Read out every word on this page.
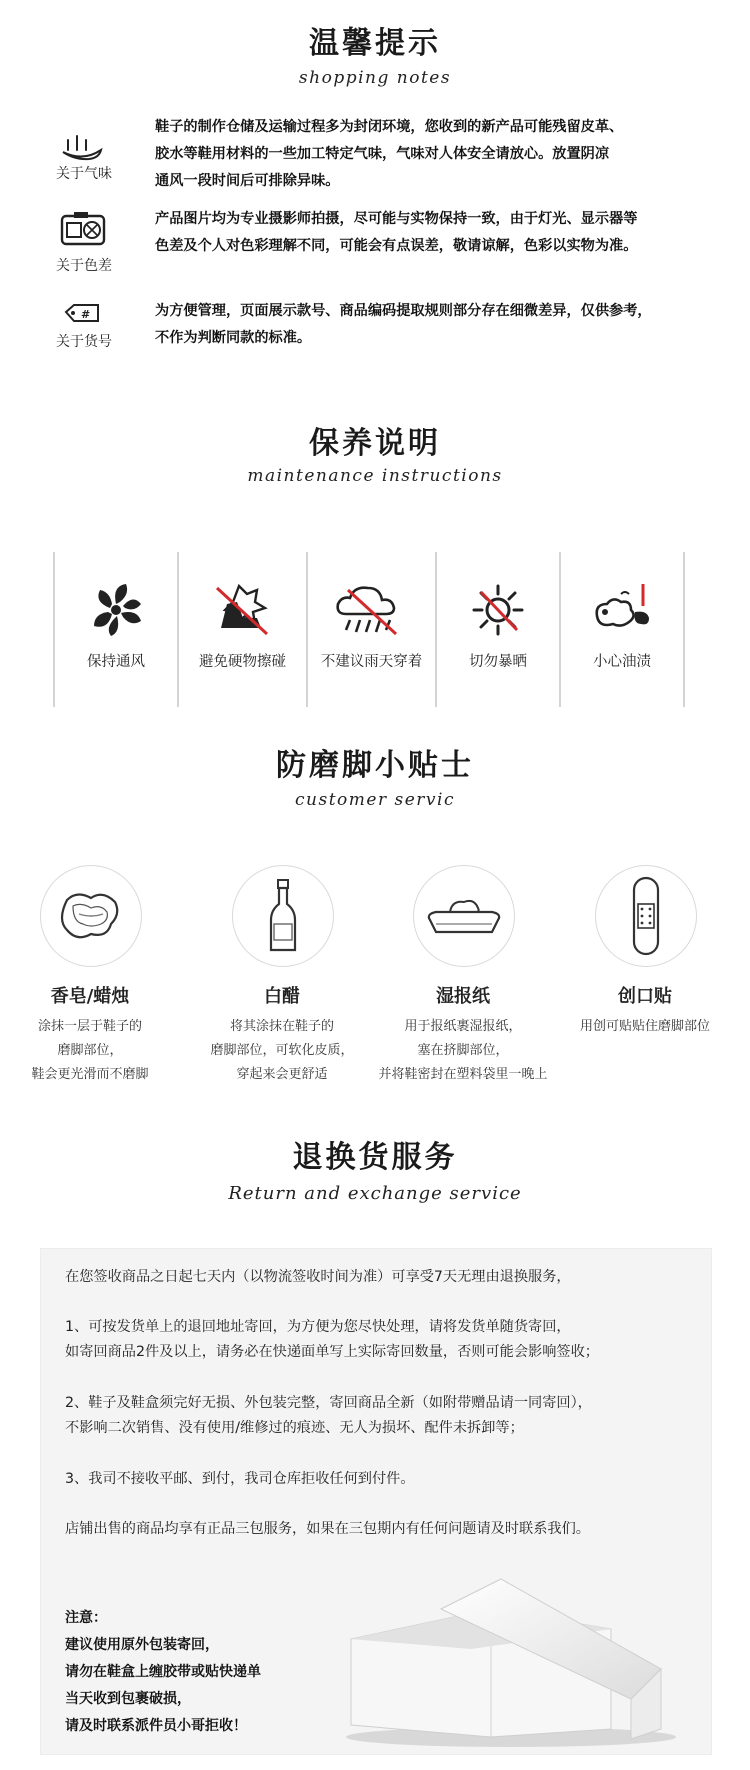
温馨提示
shopping notes
关于气味
鞋子的制作仓储及运输过程多为封闭环境，您收到的新产品可能残留皮革、
胶水等鞋用材料的一些加工特定气味，气味对人体安全请放心。放置阴凉
通风一段时间后可排除异味。
关于色差
产品图片均为专业摄影师拍摄，尽可能与实物保持一致，由于灯光、显示器等
色差及个人对色彩理解不同，可能会有点误差，敬请谅解，色彩以实物为准。
#
关于货号
为方便管理，页面展示款号、商品编码提取规则部分存在细微差异，仅供参考，
不作为判断同款的标准。
保养说明
maintenance instructions
保持通风	避免硬物擦碰	不建议雨天穿着	切勿暴晒	小心油渍
防磨脚小贴士
customer servic
香皂/蜡烛
涂抹一层于鞋子的
磨脚部位，
鞋会更光滑而不磨脚
白醋
将其涂抹在鞋子的
磨脚部位，可软化皮质，
穿起来会更舒适
湿报纸
用于报纸裹湿报纸，
塞在挤脚部位，
并将鞋密封在塑料袋里一晚上
创口贴
用创可贴贴住磨脚部位
退换货服务
Return and exchange service
在您签收商品之日起七天内（以物流签收时间为准）可享受7天无理由退换服务，
1、可按发货单上的退回地址寄回，为方便为您尽快处理，请将发货单随货寄回，
如寄回商品2件及以上，请务必在快递面单写上实际寄回数量，否则可能会影响签收；
2、鞋子及鞋盒须完好无损、外包装完整，寄回商品全新（如附带赠品请一同寄回），
不影响二次销售、没有使用/维修过的痕迹、无人为损坏、配件未拆卸等；
3、我司不接收平邮、到付，我司仓库拒收任何到付件。
店铺出售的商品均享有正品三包服务，如果在三包期内有任何问题请及时联系我们。
注意：
建议使用原外包装寄回，
请勿在鞋盒上缠胶带或贴快递单
当天收到包裹破损，
请及时联系派件员小哥拒收！
